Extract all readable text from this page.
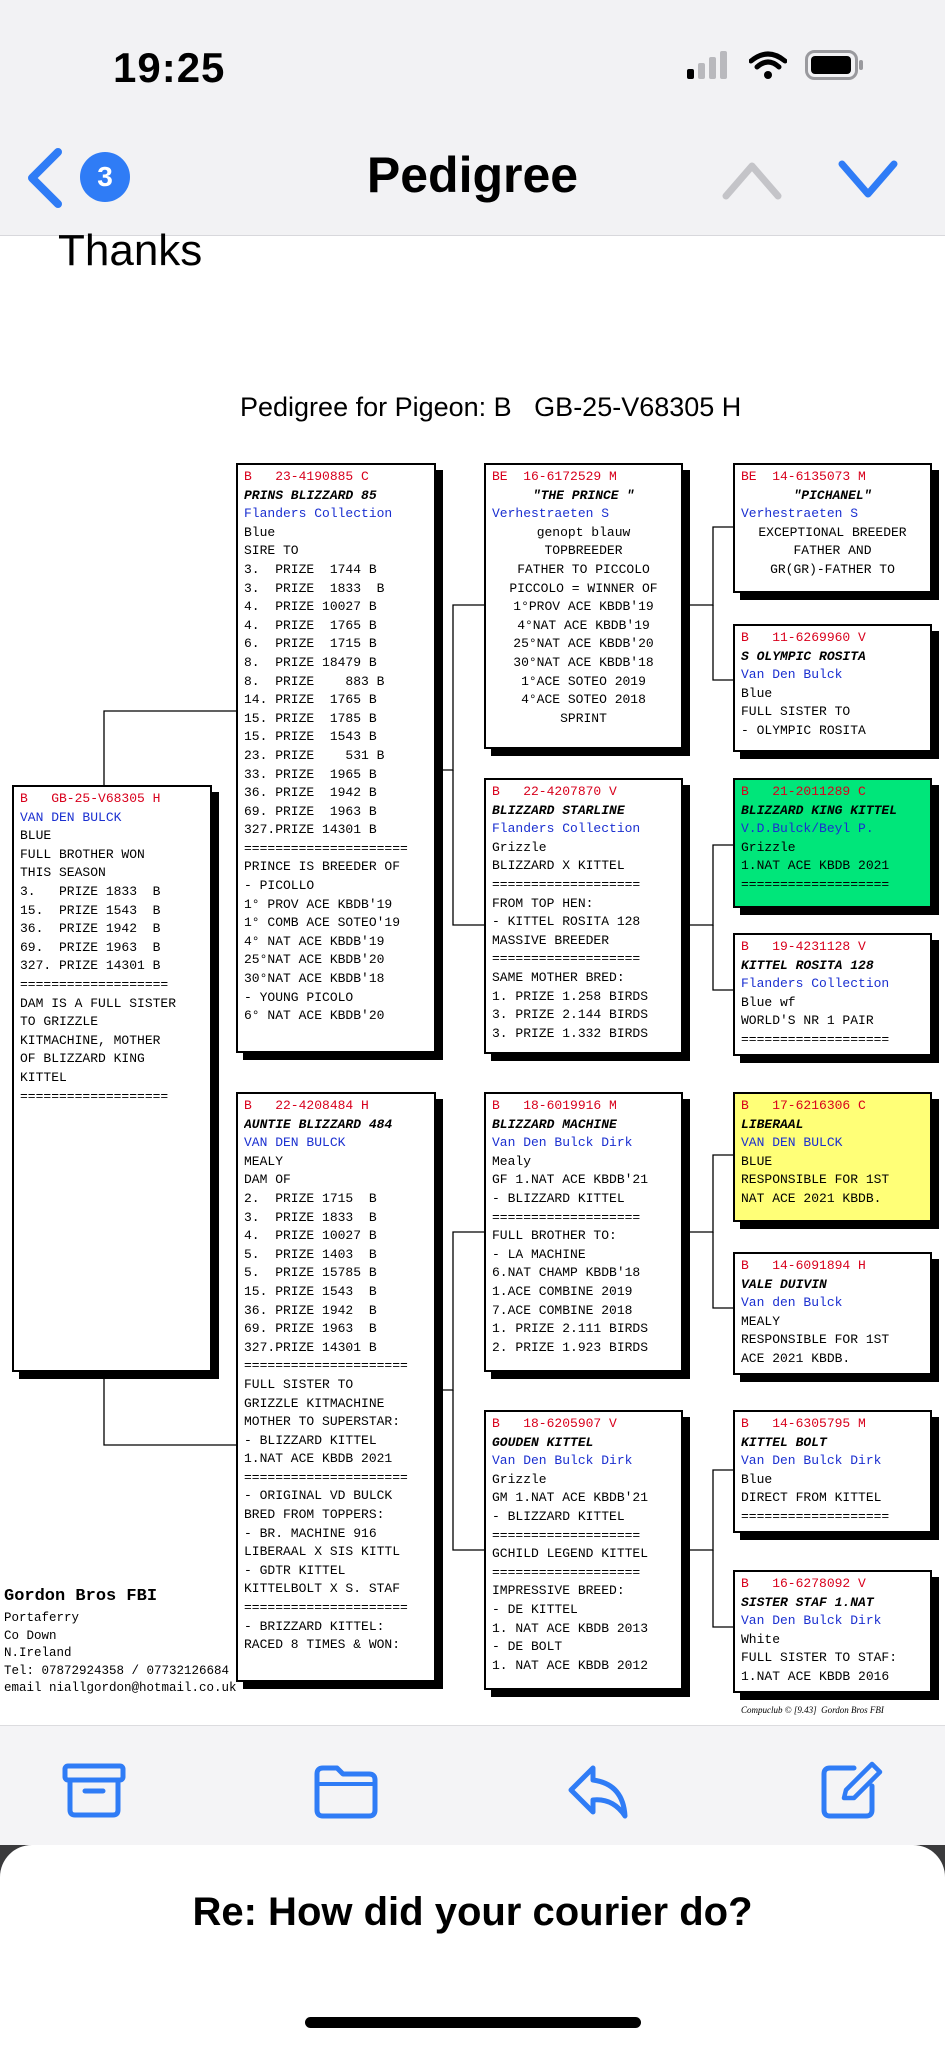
19:25
3	Pedigree
Thanks
Pedigree for Pigeon: B   GB-25-V68305 H
B   GB-25-V68305 H
VAN DEN BULCK
BLUE
FULL BROTHER WON
THIS SEASON
3.   PRIZE 1833  B
15.  PRIZE 1543  B
36.  PRIZE 1942  B
69.  PRIZE 1963  B
327. PRIZE 14301 B
===================
DAM IS A FULL SISTER
TO GRIZZLE
KITMACHINE, MOTHER
OF BLIZZARD KING
KITTEL
===================
B   23-4190885 C
PRINS BLIZZARD 85
Flanders Collection
Blue
SIRE TO
3.  PRIZE  1744 B
3.  PRIZE  1833  B
4.  PRIZE 10027 B
4.  PRIZE  1765 B
6.  PRIZE  1715 B
8.  PRIZE 18479 B
8.  PRIZE    883 B
14. PRIZE  1765 B
15. PRIZE  1785 B
15. PRIZE  1543 B
23. PRIZE    531 B
33. PRIZE  1965 B
36. PRIZE  1942 B
69. PRIZE  1963 B
327.PRIZE 14301 B
=====================
PRINCE IS BREEDER OF
- PICOLLO
1° PROV ACE KBDB'19
1° COMB ACE SOTEO'19
4° NAT ACE KBDB'19
25°NAT ACE KBDB'20
30°NAT ACE KBDB'18
- YOUNG PICOLO
6° NAT ACE KBDB'20
B   22-4208484 H
AUNTIE BLIZZARD 484
VAN DEN BULCK
MEALY
DAM OF
2.  PRIZE 1715  B
3.  PRIZE 1833  B
4.  PRIZE 10027 B
5.  PRIZE 1403  B
5.  PRIZE 15785 B
15. PRIZE 1543  B
36. PRIZE 1942  B
69. PRIZE 1963  B
327.PRIZE 14301 B
=====================
FULL SISTER TO
GRIZZLE KITMACHINE
MOTHER TO SUPERSTAR:
- BLIZZARD KITTEL
1.NAT ACE KBDB 2021
=====================
- ORIGINAL VD BULCK
BRED FROM TOPPERS:
- BR. MACHINE 916
LIBERAAL X SIS KITTL
- GDTR KITTEL
KITTELBOLT X S. STAF
=====================
- BRIZZARD KITTEL:
RACED 8 TIMES & WON:
BE  16-6172529 M
"THE PRINCE "
Verhestraeten S
genopt blauw
TOPBREEDER
FATHER TO PICCOLO
PICCOLO = WINNER OF
1°PROV ACE KBDB'19
4°NAT ACE KBDB'19
25°NAT ACE KBDB'20
30°NAT ACE KBDB'18
1°ACE SOTEO 2019
4°ACE SOTEO 2018
SPRINT
B   22-4207870 V
BLIZZARD STARLINE
Flanders Collection
Grizzle
BLIZZARD X KITTEL
===================
FROM TOP HEN:
- KITTEL ROSITA 128
MASSIVE BREEDER
===================
SAME MOTHER BRED:
1. PRIZE 1.258 BIRDS
3. PRIZE 2.144 BIRDS
3. PRIZE 1.332 BIRDS
B   18-6019916 M
BLIZZARD MACHINE
Van Den Bulck Dirk
Mealy
GF 1.NAT ACE KBDB'21
- BLIZZARD KITTEL
===================
FULL BROTHER TO:
- LA MACHINE
6.NAT CHAMP KBDB'18
1.ACE COMBINE 2019
7.ACE COMBINE 2018
1. PRIZE 2.111 BIRDS
2. PRIZE 1.923 BIRDS
B   18-6205907 V
GOUDEN KITTEL
Van Den Bulck Dirk
Grizzle
GM 1.NAT ACE KBDB'21
- BLIZZARD KITTEL
===================
GCHILD LEGEND KITTEL
===================
IMPRESSIVE BREED:
- DE KITTEL
1. NAT ACE KBDB 2013
- DE BOLT
1. NAT ACE KBDB 2012
BE  14-6135073 M
"PICHANEL"
Verhestraeten S
EXCEPTIONAL BREEDER
FATHER AND
GR(GR)-FATHER TO
B   11-6269960 V
S OLYMPIC ROSITA
Van Den Bulck
Blue
FULL SISTER TO
- OLYMPIC ROSITA
B   21-2011289 C
BLIZZARD KING KITTEL
V.D.Bulck/Beyl P.
Grizzle
1.NAT ACE KBDB 2021
===================
B   19-4231128 V
KITTEL ROSITA 128
Flanders Collection
Blue wf
WORLD'S NR 1 PAIR
===================
B   17-6216306 C
LIBERAAL
VAN DEN BULCK
BLUE
RESPONSIBLE FOR 1ST
NAT ACE 2021 KBDB.
B   14-6091894 H
VALE DUIVIN
Van den Bulck
MEALY
RESPONSIBLE FOR 1ST
ACE 2021 KBDB.
B   14-6305795 M
KITTEL BOLT
Van Den Bulck Dirk
Blue
DIRECT FROM KITTEL
===================
B   16-6278092 V
SISTER STAF 1.NAT
Van Den Bulck Dirk
White
FULL SISTER TO STAF:
1.NAT ACE KBDB 2016
Gordon Bros FBI
Portaferry
Co Down
N.Ireland
Tel: 07872924358 / 07732126684
email niallgordon@hotmail.co.uk
Compuclub © [9.43]  Gordon Bros FBI
Re: How did your courier do?
